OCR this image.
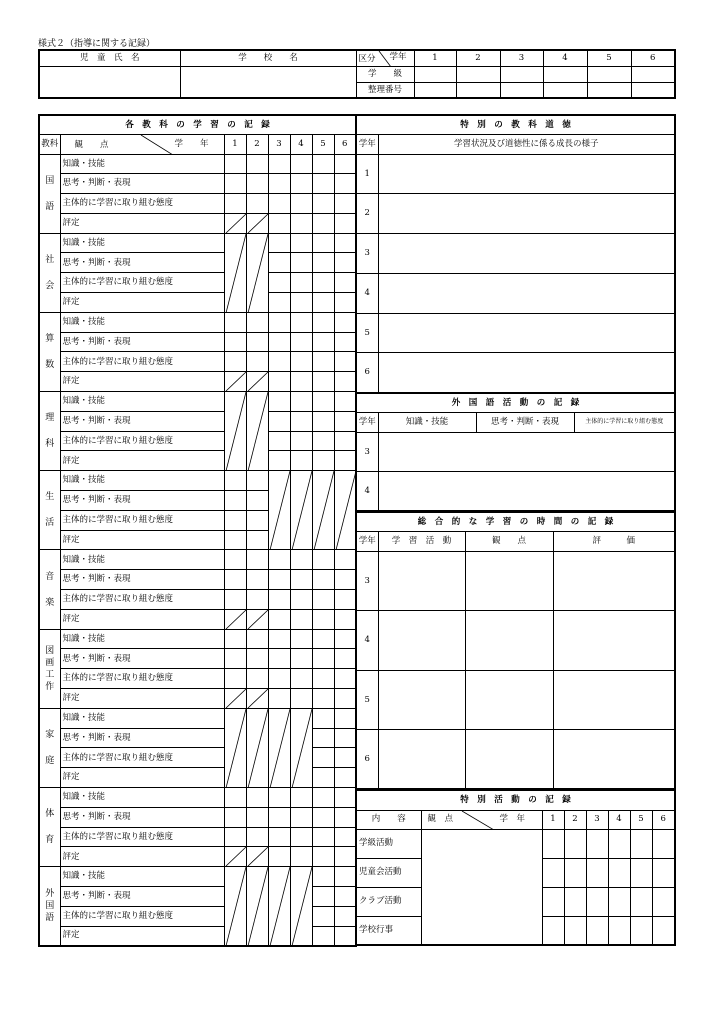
様式２（指導に関する記録）
児　童　氏　名	学　　校　　名	区分 学年	1	2	3	4	5	6
		学　　級						
		整理番号						
各　教　科　の　学　習　の　記　録							
教科	観　　点 学　　年	1	2	3	4	5	6
国語	知識・技能						
	思考・判断・表現						
	主体的に学習に取り組む態度						
	評定	

社会	知識・技能	

	思考・判断・表現						
	主体的に学習に取り組む態度						
	評定						
算数	知識・技能						
	思考・判断・表現						
	主体的に学習に取り組む態度						
	評定	

理科	知識・技能	

	思考・判断・表現						
	主体的に学習に取り組む態度						
	評定						
生活	知識・技能			

	思考・判断・表現						
	主体的に学習に取り組む態度						
	評定						
音楽	知識・技能						
	思考・判断・表現						
	主体的に学習に取り組む態度						
	評定	

図画工作	知識・技能						
	思考・判断・表現						
	主体的に学習に取り組む態度						
	評定	

家庭	知識・技能	

	思考・判断・表現						
	主体的に学習に取り組む態度						
	評定						
体育	知識・技能						
	思考・判断・表現						
	主体的に学習に取り組む態度						
	評定	

外国語	知識・技能	

	思考・判断・表現						
	主体的に学習に取り組む態度						
	評定						
特　別　の　教　科　道　徳	
学年	学習状況及び道徳性に係る成長の様子
1	
2	
3	
4	
5	
6	
外　国　語　活　動　の　記　録			
学年	知識・技能	思考・判断・表現	主体的に学習に取り組む態度
3			
4			
総　合　的　な　学　習　の　時　間　の　記　録			
学年	学　習　活　動	観　　点	評　　　価
3			
4			
5			
6			
特　別　活　動　の　記　録							
内　　容	観　点 学　年	1	2	3	4	5	6
学級活動							
児童会活動							
クラブ活動							
学校行事							
